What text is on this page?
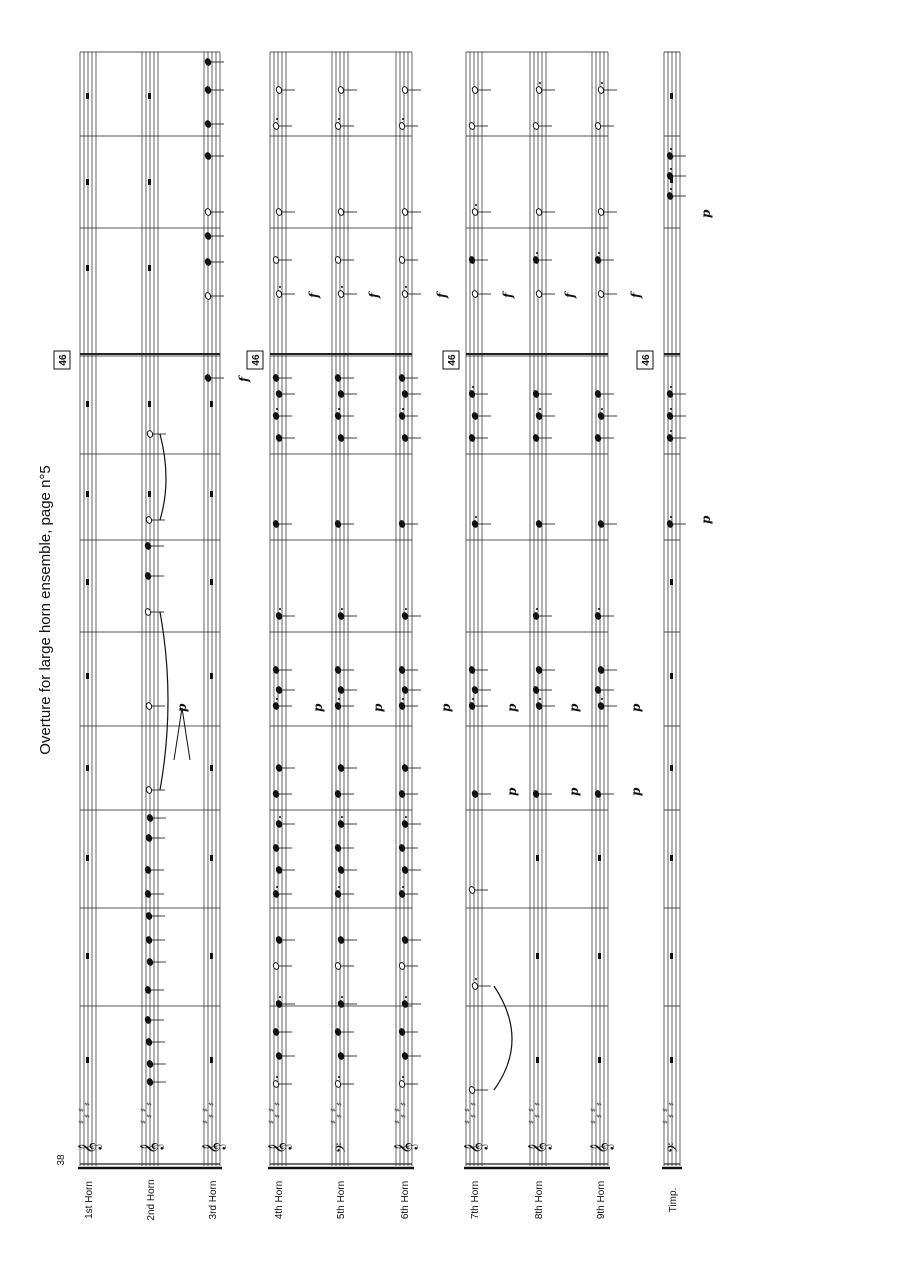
Overture for large horn ensemble, page n°5
38
46	46	46	46
1st Horn
𝄞
♯
♯
♯
♯
2nd Horn
𝄞
♯
♯
♯
♯
3rd Horn
𝄞
♯
♯
♯
♯
4th Horn
𝄞
♯
♯
♯
♯
5th Horn
𝄢
♯
♯
♯
♯
6th Horn
𝄞
♯
♯
♯
♯
7th Horn
𝄞
♯
♯
♯
♯
8th Horn
𝄞
♯
♯
♯
♯
9th Horn
𝄞
♯
♯
♯
♯
Timp.
𝄢
♯
♯
♯
♯
p	p	p	p	p	p	p
p	p	p
p
p
f
f	f	f	f	f	f
